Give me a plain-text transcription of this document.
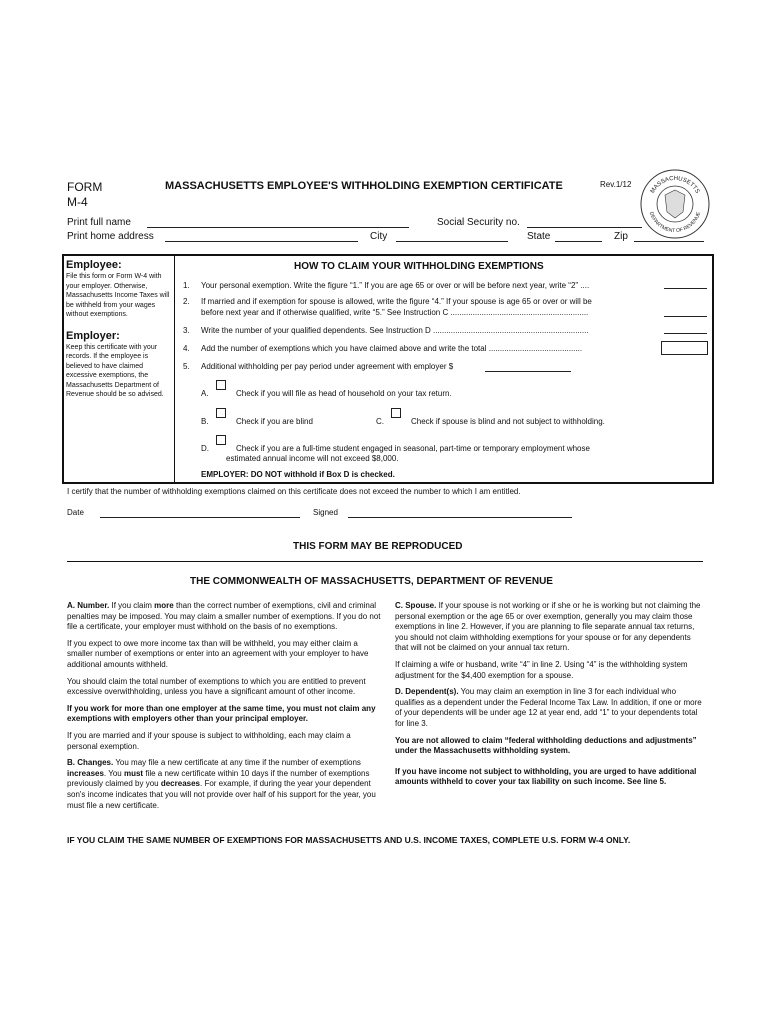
FORM
M-4
MASSACHUSETTS EMPLOYEE'S WITHHOLDING EXEMPTION CERTIFICATE	Rev.1/12
MASSACHUSETTS
DEPARTMENT OF REVENUE
Print full name	Social Security no.
Print home address	City	State	Zip
Employee:
File this form or Form W-4 with your employer. Otherwise, Massachusetts Income Taxes will be withheld from your wages without exemptions.
Employer:
Keep this certificate with your records. If the employee is believed to have claimed excessive exemptions, the Massachusetts Department of Revenue should be so advised.
HOW TO CLAIM YOUR WITHHOLDING EXEMPTIONS
1. Your personal exemption. Write the figure “1.” If you are age 65 or over or will be before next year, write “2” ....
2. If married and if exemption for spouse is allowed, write the figure “4.” If your spouse is age 65 or over or will be
before next year and if otherwise qualified, write “5.” See Instruction C ..............................................................
3. Write the number of your qualified dependents. See Instruction D ......................................................................
4. Add the number of exemptions which you have claimed above and write the total ..........................................
5. Additional withholding per pay period under agreement with employer $
A.	Check if you will file as head of household on your tax return.
B.	Check if you are blind	C.	Check if spouse is blind and not subject to withholding.
D.	Check if you are a full-time student engaged in seasonal, part-time or temporary employment whose
estimated annual income will not exceed $8,000.
EMPLOYER: DO NOT withhold if Box D is checked.
I certify that the number of withholding exemptions claimed on this certificate does not exceed the number to which I am entitled.
Date	Signed
THIS FORM MAY BE REPRODUCED
THE COMMONWEALTH OF MASSACHUSETTS, DEPARTMENT OF REVENUE

A. Number. If you claim more than the correct number of exemptions, civil and criminal penalties may be imposed. You may claim a smaller number of exemptions. If you do not file a certificate, your employer must withhold on the basis of no exemptions.

If you expect to owe more income tax than will be withheld, you may either claim a smaller number of exemptions or enter into an agreement with your employer to have additional amounts withheld.

You should claim the total number of exemptions to which you are entitled to prevent excessive overwithholding, unless you have a significant amount of other income.

If you work for more than one employer at the same time, you must not claim any exemptions with employers other than your principal employer.

If you are married and if your spouse is subject to withholding, each may claim a personal exemption.

B. Changes. You may file a new certificate at any time if the number of exemptions increases. You must file a new certificate within 10 days if the number of exemptions previously claimed by you decreases. For example, if during the year your dependent son's income indicates that you will not provide over half of his support for the year, you must file a new certificate.

C. Spouse. If your spouse is not working or if she or he is working but not claiming the personal exemption or the age 65 or over exemption, generally you may claim those exemptions in line 2. However, if you are planning to file separate annual tax returns, you should not claim withholding exemptions for your spouse or for any dependents that will not be claimed on your annual tax return.

If claiming a wife or husband, write “4” in line 2. Using “4” is the withholding system adjustment for the $4,400 exemption for a spouse.

D. Dependent(s). You may claim an exemption in line 3 for each individual who qualifies as a dependent under the Federal Income Tax Law. In addition, if one or more of your dependents will be under age 12 at year end, add “1” to your dependents total for line 3.

You are not allowed to claim “federal withholding deductions and adjustments” under the Massachusetts withholding system.

If you have income not subject to withholding, you are urged to have additional amounts withheld to cover your tax liability on such income. See line 5.

IF YOU CLAIM THE SAME NUMBER OF EXEMPTIONS FOR MASSACHUSETTS AND U.S. INCOME TAXES, COMPLETE U.S. FORM W-4 ONLY.
